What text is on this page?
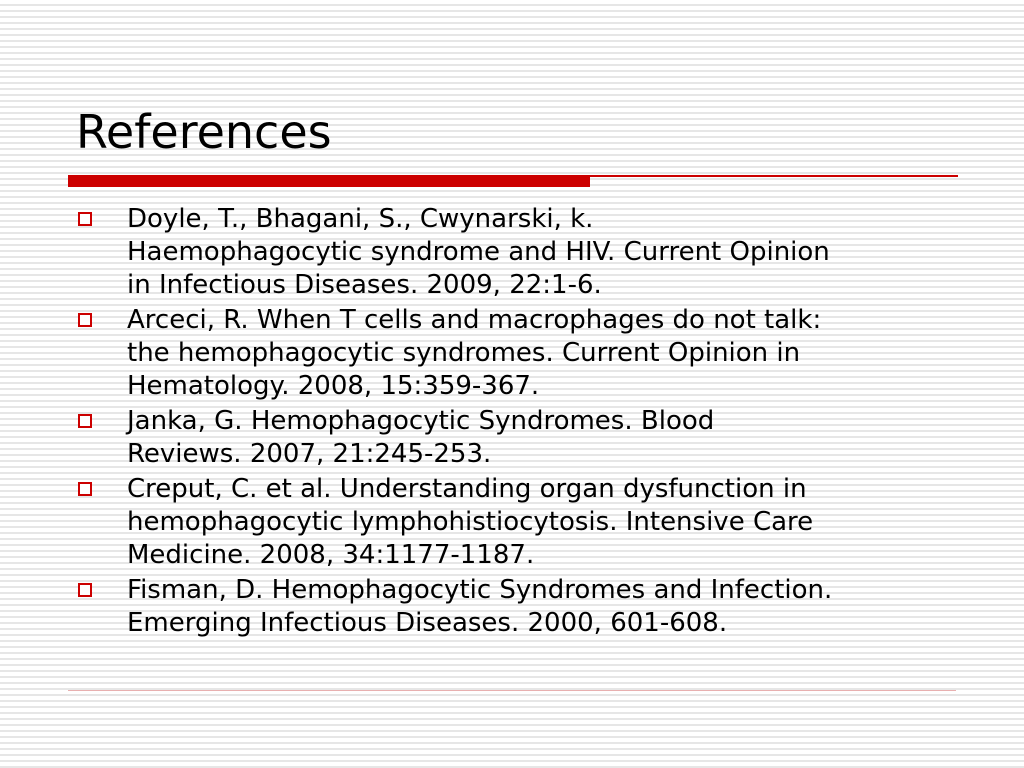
References
Doyle, T., Bhagani, S., Cwynarski, k.
Haemophagocytic syndrome and HIV. Current Opinion
in Infectious Diseases. 2009, 22:1-6.
Arceci, R. When T cells and macrophages do not talk:
the hemophagocytic syndromes. Current Opinion in
Hematology. 2008, 15:359-367.
Janka, G. Hemophagocytic Syndromes. Blood
Reviews. 2007, 21:245-253.
Creput, C. et al. Understanding organ dysfunction in
hemophagocytic lymphohistiocytosis. Intensive Care
Medicine. 2008, 34:1177-1187.
Fisman, D. Hemophagocytic Syndromes and Infection.
Emerging Infectious Diseases. 2000, 601-608.
